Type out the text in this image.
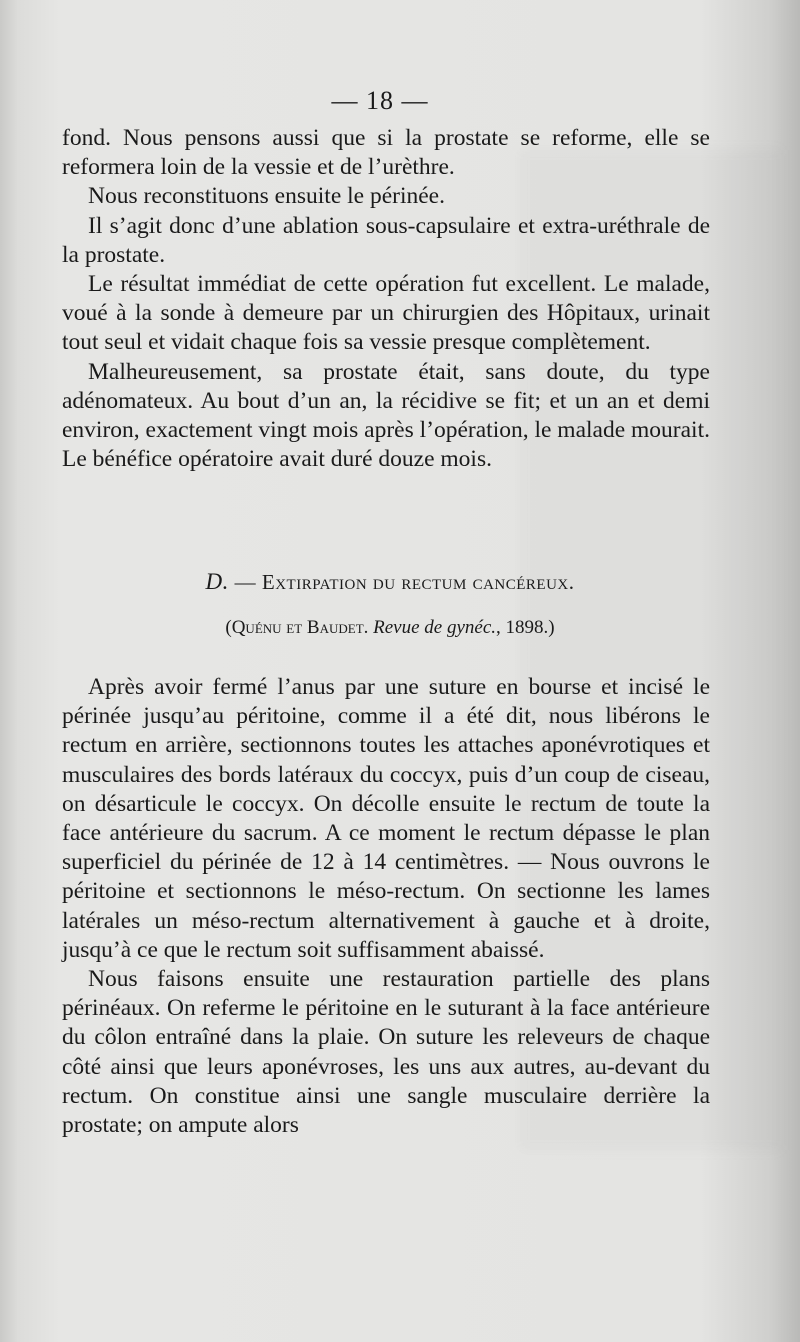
— 18 —

fond. Nous pensons aussi que si la prostate se reforme, elle se reformera loin de la vessie et de l’urèthre.

Nous reconstituons ensuite le périnée.

Il s’agit donc d’une ablation sous-capsulaire et extra-uréthrale de la prostate.

Le résultat immédiat de cette opération fut excellent. Le malade, voué à la sonde à demeure par un chirurgien des Hôpitaux, urinait tout seul et vidait chaque fois sa vessie presque complètement.

Malheureusement, sa prostate était, sans doute, du type adénomateux. Au bout d’un an, la récidive se fit; et un an et demi environ, exactement vingt mois après l’opération, le malade mourait. Le bénéfice opératoire avait duré douze mois.

D. — Extirpation du rectum cancéreux.
(Quénu et Baudet. Revue de gynéc., 1898.)

Après avoir fermé l’anus par une suture en bourse et incisé le périnée jusqu’au péritoine, comme il a été dit, nous libérons le rectum en arrière, sectionnons toutes les attaches aponévrotiques et musculaires des bords latéraux du coccyx, puis d’un coup de ciseau, on désarticule le coccyx. On décolle ensuite le rectum de toute la face antérieure du sacrum. A ce moment le rectum dépasse le plan superficiel du périnée de 12 à 14 centimètres. — Nous ouvrons le péritoine et sectionnons le méso-rectum. On sectionne les lames latérales un méso-rectum alternativement à gauche et à droite, jusqu’à ce que le rectum soit suffisamment abaissé.

Nous faisons ensuite une restauration partielle des plans périnéaux. On referme le péritoine en le suturant à la face antérieure du côlon entraîné dans la plaie. On suture les releveurs de chaque côté ainsi que leurs aponévroses, les uns aux autres, au-devant du rectum. On constitue ainsi une sangle musculaire derrière la prostate; on ampute alors
